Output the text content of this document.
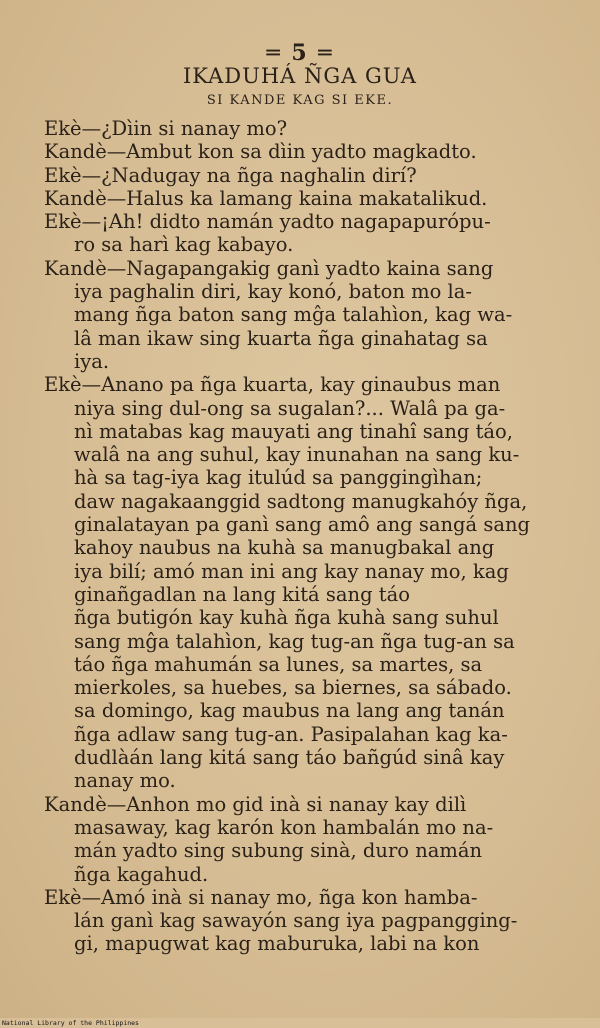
═ 5 ═
IKADUHÁ ÑGA GUA
SI KANDE KAG SI EKE.
Ekè—¿Dìin si nanay mo?
Kandè—Ambut kon sa dìin yadto magkadto.
Ekè—¿Nadugay na ñga naghalin dirí?
Kandè—Halus ka lamang kaina makatalikud.
Ekè—¡Ah! didto namán yadto nagapapurópu-
ro sa harì kag kabayo.
Kandè—Nagapangakig ganì yadto kaina sang
iya paghalin diri, kay konó, baton mo la-
mang ñga baton sang mĝa talahìon, kag wa-
lâ man ikaw sing kuarta ñga ginahatag sa
iya.
Ekè—Anano pa ñga kuarta, kay ginaubus man
niya sing dul-ong sa sugalan?... Walâ pa ga-
nì matabas kag mauyati ang tinahî sang táo,
walâ na ang suhul, kay inunahan na sang ku-
hà sa tag-iya kag itulúd sa panggingìhan;
daw nagakaanggid sadtong manugkahóy ñga,
ginalatayan pa ganì sang amô ang sangá sang
kahoy naubus na kuhà sa manugbakal ang
iya bilí; amó man ini ang kay nanay mo, kag
ginañgadlan na lang kitá sang táo
ñga butigón kay kuhà ñga kuhà sang suhul
sang mĝa talahìon, kag tug-an ñga tug-an sa
táo ñga mahumán sa lunes, sa martes, sa
mierkoles, sa huebes, sa biernes, sa sábado.
sa domingo, kag maubus na lang ang tanán
ñga adlaw sang tug-an. Pasipalahan kag ka-
dudlàán lang kitá sang táo bañgúd sinâ kay
nanay mo.
Kandè—Anhon mo gid inà si nanay kay dilì
masaway, kag karón kon hambalán mo na-
mán yadto sing subung sinà, duro namán
ñga kagahud.
Ekè—Amó inà si nanay mo, ñga kon hamba-
lán ganì kag sawayón sang iya pagpangging-
gi, mapugwat kag maburuka, labi na kon
National Library of the Philippines
